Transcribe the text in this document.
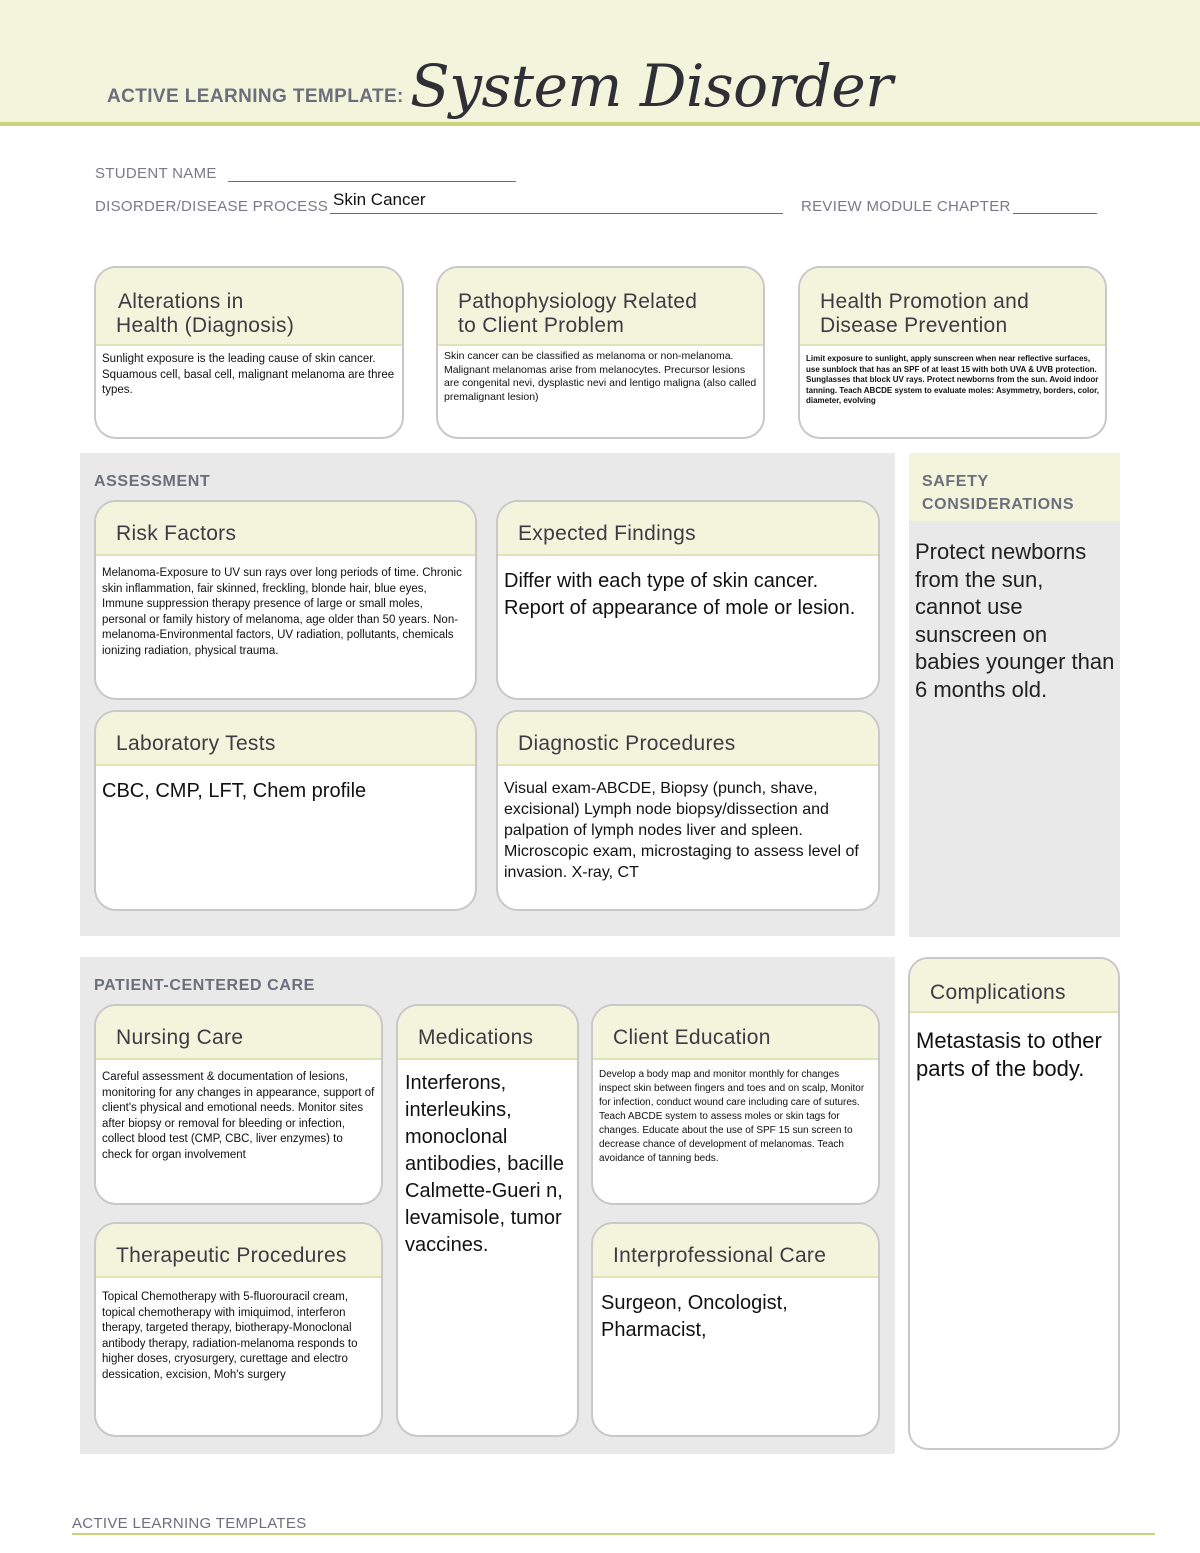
ACTIVE LEARNING TEMPLATE: System Disorder
STUDENT NAME
DISORDER/DISEASE PROCESS Skin Cancer	REVIEW MODULE CHAPTER
Alterations in
Health (Diagnosis)
Sunlight exposure is the leading cause of skin cancer.
Squamous cell, basal cell, malignant melanoma are three types.
Pathophysiology Related
to Client Problem
Skin cancer can be classified as melanoma or non-melanoma. Malignant melanomas arise from melanocytes. Precursor lesions are congenital nevi, dysplastic nevi and lentigo maligna (also called premalignant lesion)
Health Promotion and
Disease Prevention
Limit exposure to sunlight, apply sunscreen when near reflective surfaces, use sunblock that has an SPF of at least 15 with both UVA & UVB protection. Sunglasses that block UV rays. Protect newborns from the sun. Avoid indoor tanning. Teach ABCDE system to evaluate moles: Asymmetry, borders, color, diameter, evolving
ASSESSMENT
Risk Factors
Melanoma-Exposure to UV sun rays over long periods of time. Chronic skin inflammation, fair skinned, freckling, blonde hair, blue eyes, Immune suppression therapy presence of large or small moles, personal or family history of melanoma, age older than 50 years. Non-melanoma-Environmental factors, UV radiation, pollutants, chemicals ionizing radiation, physical trauma.
Expected Findings
Differ with each type of skin cancer. Report of appearance of mole or lesion.
Laboratory Tests
CBC, CMP, LFT, Chem profile
Diagnostic Procedures
Visual exam-ABCDE, Biopsy (punch, shave, excisional) Lymph node biopsy/dissection and palpation of lymph nodes liver and spleen. Microscopic exam, microstaging to assess level of invasion. X-ray, CT
SAFETY
CONSIDERATIONS
Protect newborns from the sun, cannot use sunscreen on babies younger than 6 months old.
PATIENT-CENTERED CARE
Nursing Care
Careful assessment & documentation of lesions, monitoring for any changes in appearance, support of client's physical and emotional needs. Monitor sites after biopsy or removal for bleeding or infection, collect blood test (CMP, CBC, liver enzymes) to check for organ involvement
Medications
Interferons, interleukins, monoclonal antibodies, bacille Calmette-Gueri n, levamisole, tumor vaccines.
Client Education
Develop a body map and monitor monthly for changes inspect skin between fingers and toes and on scalp, Monitor for infection, conduct wound care including care of sutures. Teach ABCDE system to assess moles or skin tags for changes. Educate about the use of SPF 15 sun screen to decrease chance of development of melanomas. Teach avoidance of tanning beds.
Therapeutic Procedures
Topical Chemotherapy with 5-fluorouracil cream, topical chemotherapy with imiquimod, interferon therapy, targeted therapy, biotherapy-Monoclonal antibody therapy, radiation-melanoma responds to higher doses, cryosurgery, curettage and electro dessication, excision, Moh's surgery
Interprofessional Care
Surgeon, Oncologist, Pharmacist,
Complications
Metastasis to other parts of the body.
ACTIVE LEARNING TEMPLATES
